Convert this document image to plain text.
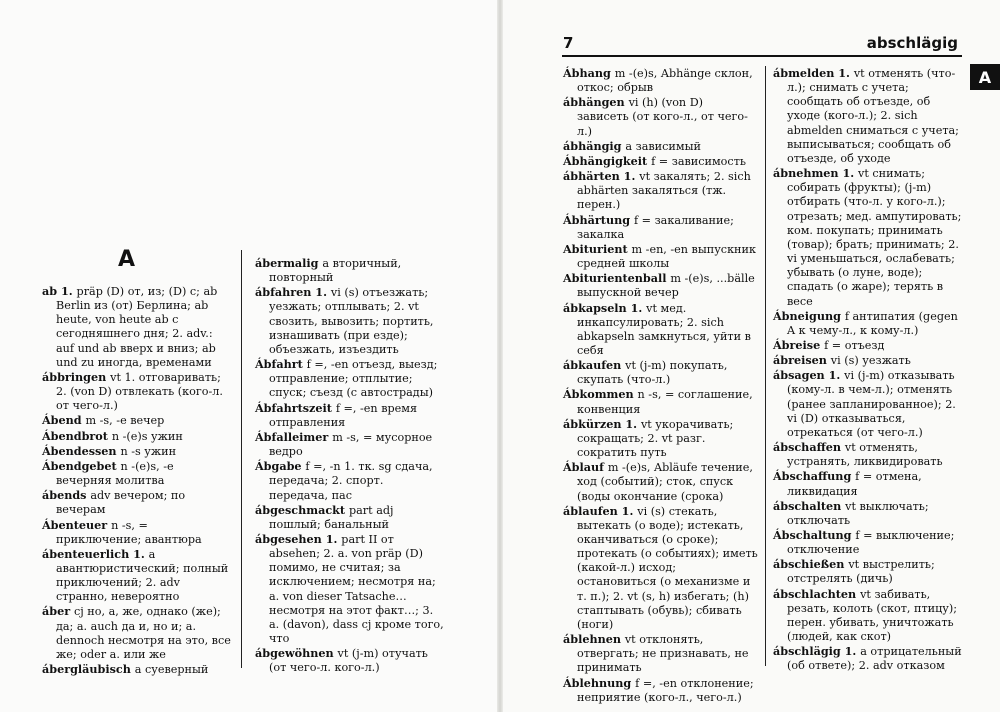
A

ab 1. präp (D) от, из; (D) с; ab Berlin из (от) Берлина; ab heute, von heute ab с сегодняшнего дня; 2. adv.: auf und ab вверх и вниз; ab und zu иногда, временами

ábbringen vt 1. отговаривать; 2. (von D) отвлекать (кого-л. от чего-л.)

Ábend m -s, -e вечер

Ábendbrot n -(e)s ужин

Ábendessen n -s ужин

Ábendgebet n -(e)s, -e вечерняя молитва

ábends adv вечером; по вечерам

Ábenteuer n -s, = приключение; авантюра

ábenteuerlich 1. a авантюристический; полный приключений; 2. adv странно, невероятно

áber cj но, а, же, однако (же); да; a. auch да и, но и; a. dennoch несмотря на это, все же; oder a. или же

ábergläubisch a суеверный

ábermalig a вторичный, повторный

ábfahren 1. vi (s) отъезжать; уезжать; отплывать; 2. vt свозить, вывозить; портить, изнашивать (при езде); объезжать, изъездить

Ábfahrt f =, -en отъезд, выезд; отправление; отплытие; спуск; съезд (с автострады)

Ábfahrtszeit f =, -en время отправления

Ábfalleimer m -s, = мусорное ведро

Ábgabe f =, -n 1. тк. sg сдача, передача; 2. спорт. передача, пас

ábgeschmackt part adj пошлый; банальный

ábgesehen 1. part II от absehen; 2. a. von präp (D) помимо, не считая; за исключением; несмотря на; a. von dieser Tatsache… несмотря на этот факт…; 3. a. (davon), dass cj кроме того, что

ábgewöhnen vt (j-m) отучать (от чего-л. кого-л.)

7	abschlägig
A

Ábhang m -(e)s, Abhänge склон, откос; обрыв

ábhängen vi (h) (von D) зависеть (от кого-л., от чего-л.)

ábhängig a зависимый

Ábhängigkeit f = зависимость

ábhärten 1. vt закалять; 2. sich abhärten закаляться (тж. перен.)

Ábhärtung f = закаливание; закалка

Abiturient m -en, -en выпускник средней школы

Abiturientenball m -(e)s, ...bälle выпускной вечер

ábkapseln 1. vt мед. инкапсулировать; 2. sich abkapseln замкнуться, уйти в себя

ábkaufen vt (j-m) покупать, скупать (что-л.)

Ábkommen n -s, = соглашение, конвенция

ábkürzen 1. vt укорачивать; сокращать; 2. vt разг. сократить путь

Áblauf m -(e)s, Abläufe течение, ход (событий); сток, спуск (воды окончание (срока)

áblaufen 1. vi (s) стекать, вытекать (о воде); истекать, оканчиваться (о сроке); протекать (о событиях); иметь (какой-л.) исход; остановиться (о механизме и т. п.); 2. vt (s, h) избегать; (h) стаптывать (обувь); сбивать (ноги)

áblehnen vt отклонять, отвергать; не признавать, не принимать

Áblehnung f =, -en отклонение; неприятие (кого-л., чего-л.)

ábmelden 1. vt отменять (что-л.); снимать с учета; сообщать об отъезде, об уходе (кого-л.); 2. sich abmelden сниматься с учета; выписываться; сообщать об отъезде, об уходе

ábnehmen 1. vt снимать; собирать (фрукты); (j-m) отбирать (что-л. у кого-л.); отрезать; мед. ампутировать; ком. покупать; принимать (товар); брать; принимать; 2. vi уменьшаться, ослабевать; убывать (о луне, воде); спадать (о жаре); терять в весе

Ábneigung f антипатия (gegen A к чему-л., к кому-л.)

Ábreise f = отъезд

ábreisen vi (s) уезжать

ábsagen 1. vi (j-m) отказывать (кому-л. в чем-л.); отменять (ранее запланированное); 2. vi (D) отказываться, отрекаться (от чего-л.)

ábschaffen vt отменять, устранять, ликвидировать

Ábschaffung f = отмена, ликвидация

ábschalten vt выключать; отключать

Ábschaltung f = выключение; отключение

ábschießen vt выстрелить; отстрелять (дичь)

ábschlachten vt забивать, резать, колоть (скот, птицу); перен. убивать, уничтожать (людей, как скот)

ábschlägig 1. a отрицательный (об ответе); 2. adv отказом
